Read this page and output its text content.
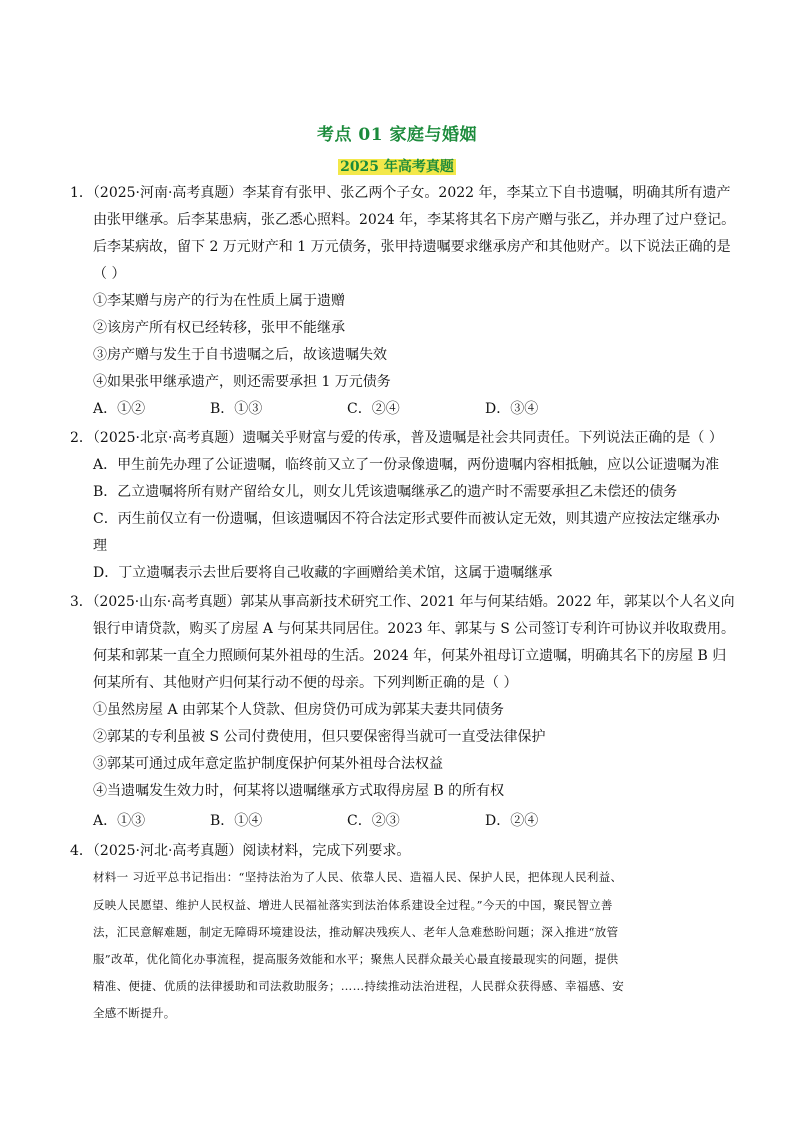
考点 01 家庭与婚姻
2025 年高考真题
1．（2025·河南·高考真题）李某育有张甲、张乙两个子女。2022 年，李某立下自书遗嘱，明确其所有遗产
由张甲继承。后李某患病，张乙悉心照料。2024 年，李某将其名下房产赠与张乙，并办理了过户登记。
后李某病故，留下 2 万元财产和 1 万元债务，张甲持遗嘱要求继承房产和其他财产。以下说法正确的是
（ ）
①李某赠与房产的行为在性质上属于遗赠
②该房产所有权已经转移，张甲不能继承
③房产赠与发生于自书遗嘱之后，故该遗嘱失效
④如果张甲继承遗产，则还需要承担 1 万元债务
A．①②	B．①③	C．②④	D．③④
2．（2025·北京·高考真题）遗嘱关乎财富与爱的传承，普及遗嘱是社会共同责任。下列说法正确的是（ ）
A．甲生前先办理了公证遗嘱，临终前又立了一份录像遗嘱，两份遗嘱内容相抵触，应以公证遗嘱为准
B．乙立遗嘱将所有财产留给女儿，则女儿凭该遗嘱继承乙的遗产时不需要承担乙未偿还的债务
C．丙生前仅立有一份遗嘱，但该遗嘱因不符合法定形式要件而被认定无效，则其遗产应按法定继承办
理
D．丁立遗嘱表示去世后要将自己收藏的字画赠给美术馆，这属于遗嘱继承
3．（2025·山东·高考真题）郭某从事高新技术研究工作、2021 年与何某结婚。2022 年，郭某以个人名义向
银行申请贷款，购买了房屋 A 与何某共同居住。2023 年、郭某与 S 公司签订专利许可协议并收取费用。
何某和郭某一直全力照顾何某外祖母的生活。2024 年，何某外祖母订立遗嘱，明确其名下的房屋 B 归
何某所有、其他财产归何某行动不便的母亲。下列判断正确的是（ ）
①虽然房屋 A 由郭某个人贷款、但房贷仍可成为郭某夫妻共同债务
②郭某的专利虽被 S 公司付费使用，但只要保密得当就可一直受法律保护
③郭某可通过成年意定监护制度保护何某外祖母合法权益
④当遗嘱发生效力时，何某将以遗嘱继承方式取得房屋 B 的所有权
A．①③	B．①④	C．②③	D．②④
4．（2025·河北·高考真题）阅读材料，完成下列要求。
材料一 习近平总书记指出：“坚持法治为了人民、依靠人民、造福人民、保护人民，把体现人民利益、
反映人民愿望、维护人民权益、增进人民福祉落实到法治体系建设全过程。”今天的中国，聚民智立善
法，汇民意解难题，制定无障碍环境建设法，推动解决残疾人、老年人急难愁盼问题；深入推进“放管
服”改革，优化简化办事流程，提高服务效能和水平；聚焦人民群众最关心最直接最现实的问题，提供
精准、便捷、优质的法律援助和司法救助服务；……持续推动法治进程，人民群众获得感、幸福感、安
全感不断提升。
